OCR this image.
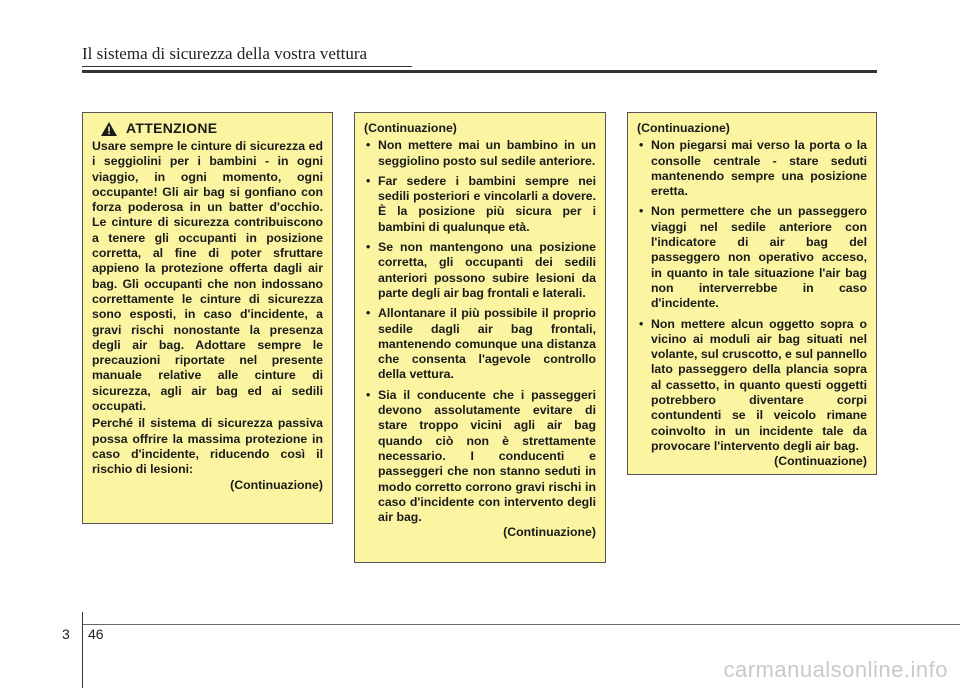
Il sistema di sicurezza della vostra vettura
ATTENZIONE
Usare sempre le cinture di sicurezza ed i seggiolini per i bambini - in ogni viaggio, in ogni momento, ogni occupante! Gli air bag si gonfiano con forza poderosa in un batter d'occhio. Le cinture di sicurezza contribuiscono a tenere gli occupanti in posizione corretta, al fine di poter sfruttare appieno la protezione offerta dagli air bag. Gli occupanti che non indossano correttamente le cinture di sicurezza sono esposti, in caso d'incidente, a gravi rischi nonostante la presenza degli air bag. Adottare sempre le precauzioni riportate nel presente manuale relative alle cinture di sicurezza, agli air bag ed ai sedili occupati.
Perché il sistema di sicurezza passiva possa offrire la massima protezione in caso d'incidente, riducendo così il rischio di lesioni:
(Continuazione)
(Continuazione)
• Non mettere mai un bambino in un seggiolino posto sul sedile anteriore.
• Far sedere i bambini sempre nei sedili posteriori e vincolarli a dovere. È la posizione più sicura per i bambini di qualunque età.
• Se non mantengono una posizione corretta, gli occupanti dei sedili anteriori possono subire lesioni da parte degli air bag frontali e laterali.
• Allontanare il più possibile il proprio sedile dagli air bag frontali, mantenendo comunque una distanza che consenta l'agevole controllo della vettura.
• Sia il conducente che i passeggeri devono assolutamente evitare di stare troppo vicini agli air bag quando ciò non è strettamente necessario. I conducenti e passeggeri che non stanno seduti in modo corretto corrono gravi rischi in caso d'incidente con intervento degli air bag.
(Continuazione)
(Continuazione)
• Non piegarsi mai verso la porta o la consolle centrale - stare seduti mantenendo sempre una posizione eretta.
• Non permettere che un passeggero viaggi nel sedile anteriore con l'indicatore di air bag del passeggero non operativo acceso, in quanto in tale situazione l'air bag non interverrebbe in caso d'incidente.
• Non mettere alcun oggetto sopra o vicino ai moduli air bag situati nel volante, sul cruscotto, e sul pannello lato passeggero della plancia sopra al cassetto, in quanto questi oggetti potrebbero diventare corpi contundenti se il veicolo rimane coinvolto in un incidente tale da provocare l'intervento degli air bag.
(Continuazione)
3 46
carmanualsonline.info
